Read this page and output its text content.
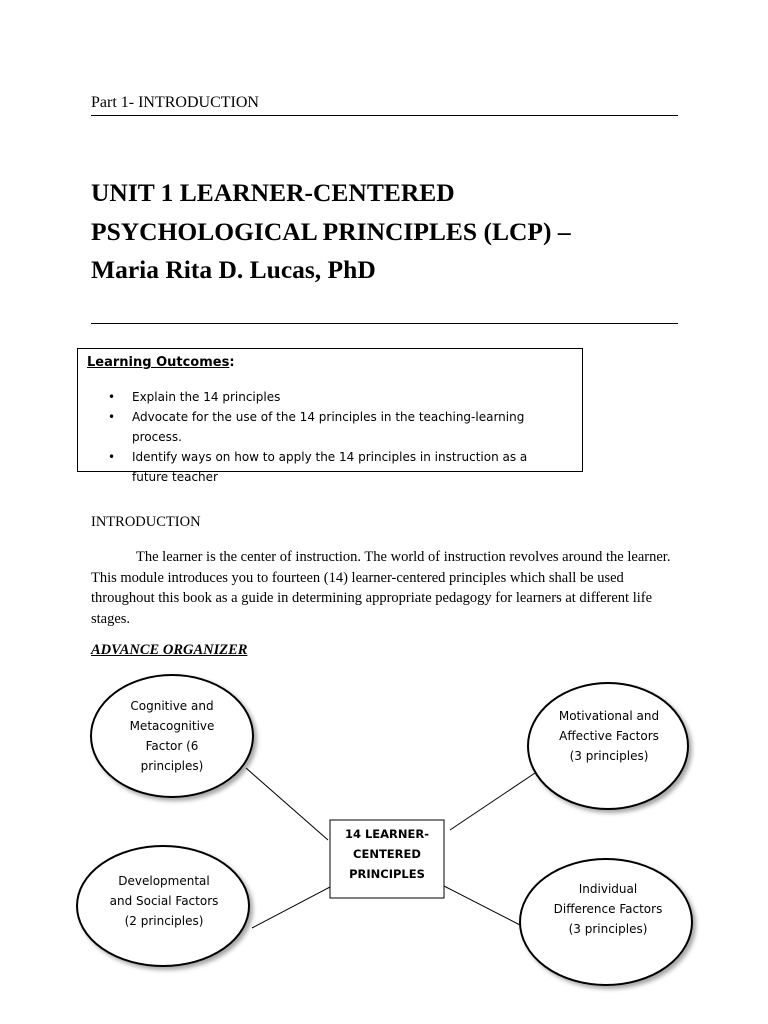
Part 1- INTRODUCTION
UNIT 1 LEARNER-CENTERED
PSYCHOLOGICAL PRINCIPLES (LCP) –
Maria Rita D. Lucas, PhD
Learning Outcomes:
• Explain the 14 principles
• Advocate for the use of the 14 principles in the teaching-learning process.
• Identify ways on how to apply the 14 principles in instruction as a future teacher
INTRODUCTION

The learner is the center of instruction. The world of instruction revolves around the learner. This module introduces you to fourteen (14) learner-centered principles which shall be used throughout this book as a guide in determining appropriate pedagogy for learners at different life stages.

ADVANCE ORGANIZER
Cognitive and
Metacognitive
Factor (6
principles)
Motivational and
Affective Factors
(3 principles)
Developmental
and Social Factors
(2 principles)
Individual
Difference Factors
(3 principles)
14 LEARNER-
CENTERED
PRINCIPLES
